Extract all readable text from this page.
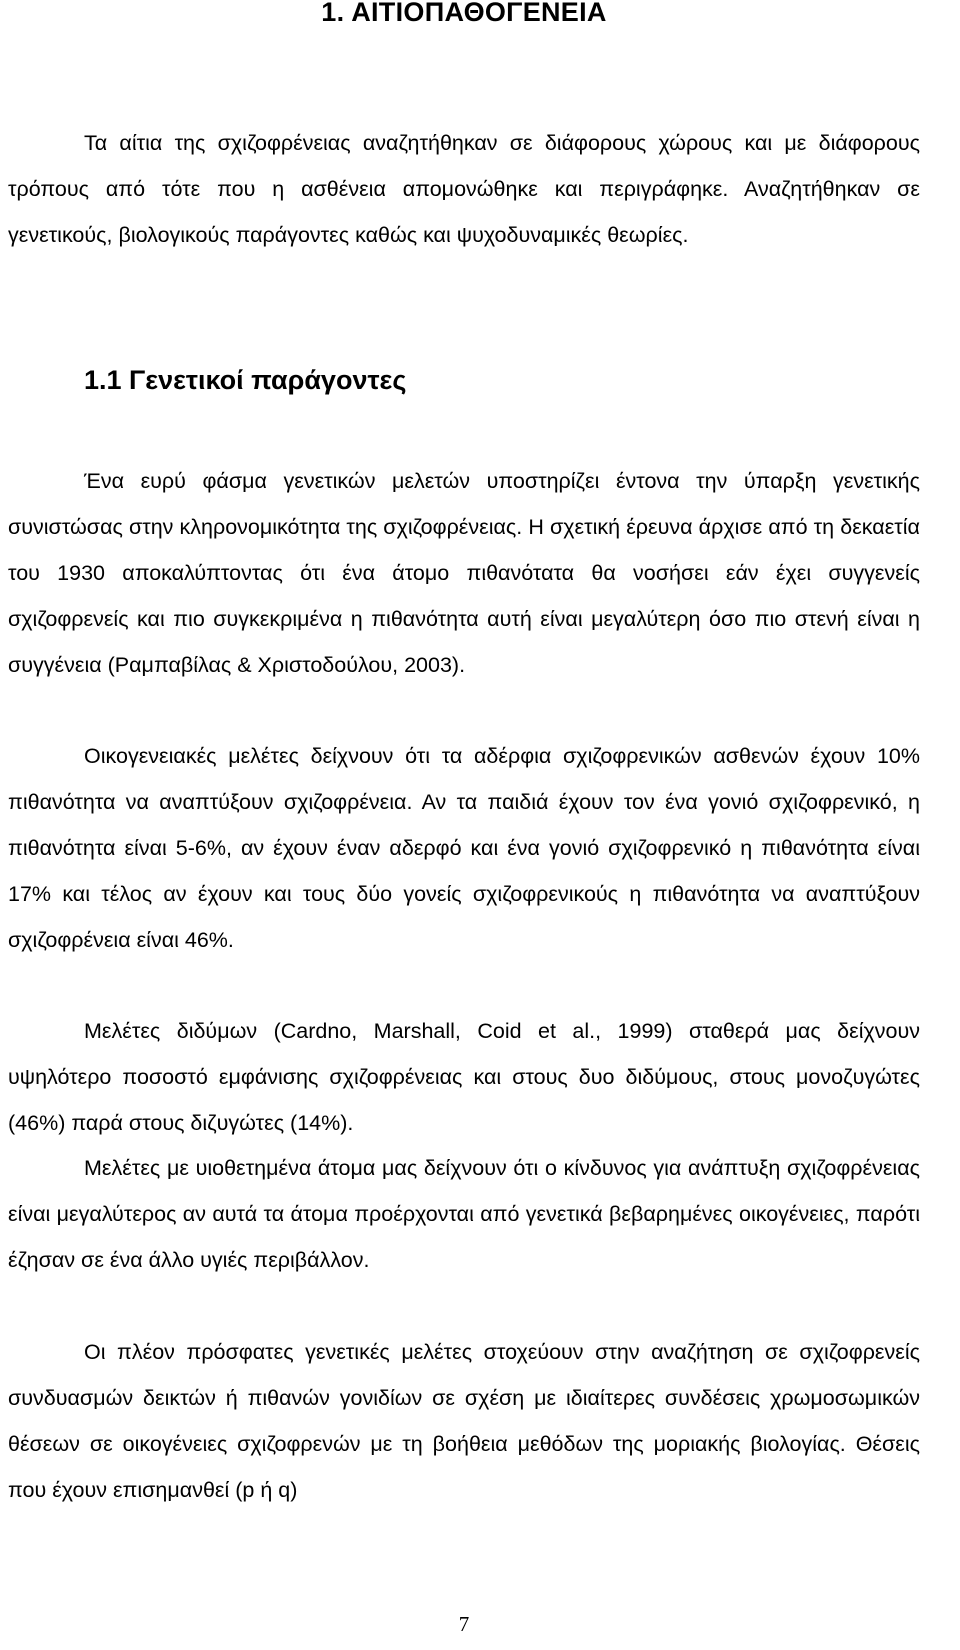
1. ΑΙΤΙΟΠΑΘΟΓΕΝΕΙΑ

Τα αίτια της σχιζοφρένειας αναζητήθηκαν σε διάφορους χώρους και με διάφορους τρόπους από τότε που η ασθένεια απομονώθηκε και περιγράφηκε. Αναζητήθηκαν σε γενετικούς, βιολογικούς παράγοντες καθώς και ψυχοδυναμικές θεωρίες.

1.1 Γενετικοί παράγοντες

Ένα ευρύ φάσμα γενετικών μελετών υποστηρίζει έντονα την ύπαρξη γενετικής συνιστώσας στην κληρονομικότητα της σχιζοφρένειας. Η σχετική έρευνα άρχισε από τη δεκαετία του 1930 αποκαλύπτοντας ότι ένα άτομο πιθανότατα θα νοσήσει εάν έχει συγγενείς σχιζοφρενείς και πιο συγκεκριμένα η πιθανότητα αυτή είναι μεγαλύτερη όσο πιο στενή είναι η συγγένεια (Ραμπαβίλας & Χριστοδούλου, 2003).

Οικογενειακές μελέτες δείχνουν ότι τα αδέρφια σχιζοφρενικών ασθενών έχουν 10% πιθανότητα να αναπτύξουν σχιζοφρένεια. Αν τα παιδιά έχουν τον ένα γονιό σχιζοφρενικό, η πιθανότητα είναι 5-6%, αν έχουν έναν αδερφό και ένα γονιό σχιζοφρενικό η πιθανότητα είναι 17% και τέλος αν έχουν και τους δύο γονείς σχιζοφρενικούς η πιθανότητα να αναπτύξουν σχιζοφρένεια είναι 46%.

Μελέτες διδύμων (Cardno, Marshall, Coid et al., 1999) σταθερά μας δείχνουν υψηλότερο ποσοστό εμφάνισης σχιζοφρένειας και στους δυο διδύμους, στους μονοζυγώτες (46%) παρά στους διζυγώτες (14%).

Μελέτες με υιοθετημένα άτομα μας δείχνουν ότι ο κίνδυνος για ανάπτυξη σχιζοφρένειας είναι μεγαλύτερος αν αυτά τα άτομα προέρχονται από γενετικά βεβαρημένες οικογένειες, παρότι έζησαν σε ένα άλλο υγιές περιβάλλον.

Οι πλέον πρόσφατες γενετικές μελέτες στοχεύουν στην αναζήτηση σε σχιζοφρενείς συνδυασμών δεικτών ή πιθανών γονιδίων σε σχέση με ιδιαίτερες συνδέσεις χρωμοσωμικών θέσεων σε οικογένειες σχιζοφρενών με τη βοήθεια μεθόδων της μοριακής βιολογίας. Θέσεις που έχουν επισημανθεί (p ή q)

7
